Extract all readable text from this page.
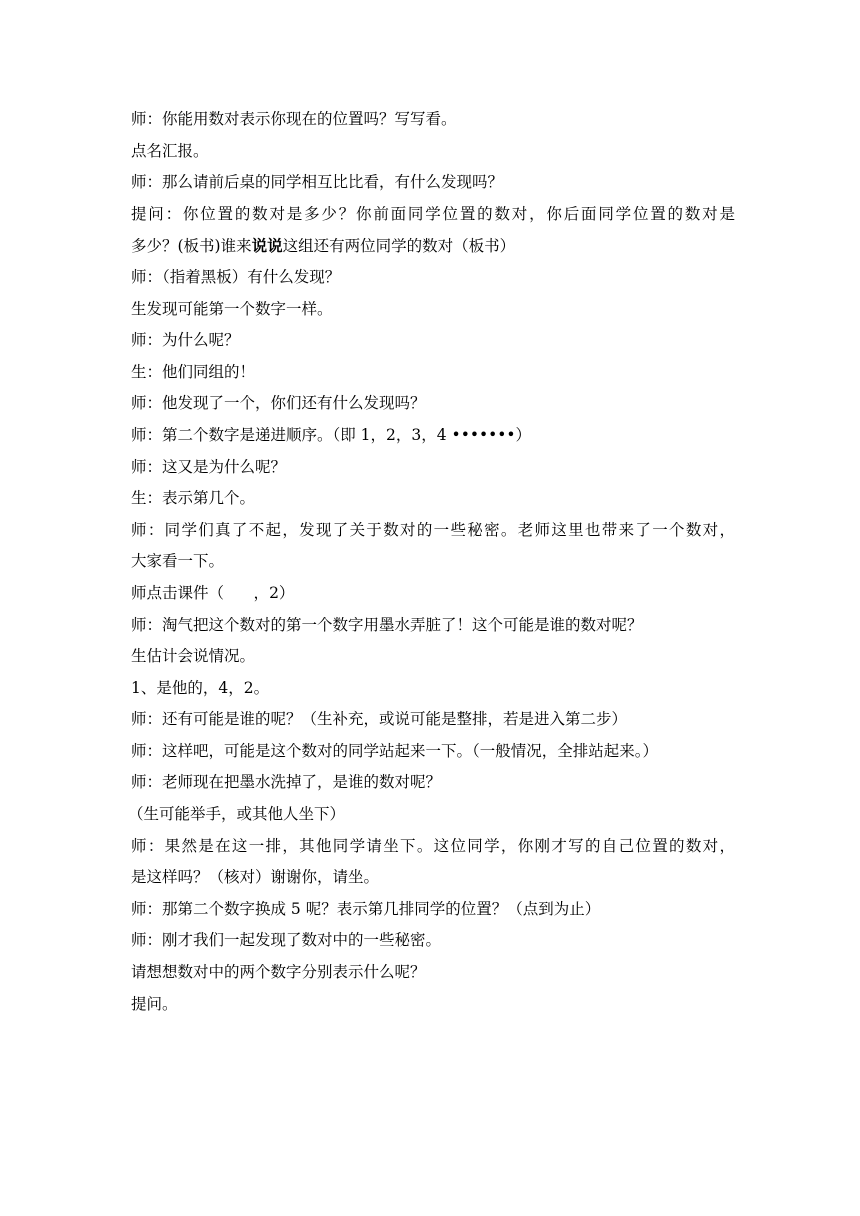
师：你能用数对表示你现在的位置吗？写写看。
点名汇报。
师：那么请前后桌的同学相互比比看，有什么发现吗？
提问：你位置的数对是多少？你前面同学位置的数对，你后面同学位置的数对是
多少？(板书)谁来说说这组还有两位同学的数对（板书）
师：（指着黑板）有什么发现？
生发现可能第一个数字一样。
师：为什么呢？
生：他们同组的！
师：他发现了一个，你们还有什么发现吗？
师：第二个数字是递进顺序。（即 1，2，3，4 •••••••）
师：这又是为什么呢？
生：表示第几个。
师：同学们真了不起，发现了关于数对的一些秘密。老师这里也带来了一个数对，
大家看一下。
师点击课件（      ，2）
师：淘气把这个数对的第一个数字用墨水弄脏了！这个可能是谁的数对呢？
生估计会说情况。
1、是他的，4，2。
师：还有可能是谁的呢？（生补充，或说可能是整排，若是进入第二步）
师：这样吧，可能是这个数对的同学站起来一下。（一般情况，全排站起来。）
师：老师现在把墨水洗掉了，是谁的数对呢？
（生可能举手，或其他人坐下）
师：果然是在这一排，其他同学请坐下。这位同学，你刚才写的自己位置的数对，
是这样吗？（核对）谢谢你，请坐。
师：那第二个数字换成 5 呢？表示第几排同学的位置？（点到为止）
师：刚才我们一起发现了数对中的一些秘密。
请想想数对中的两个数字分别表示什么呢？
提问。
